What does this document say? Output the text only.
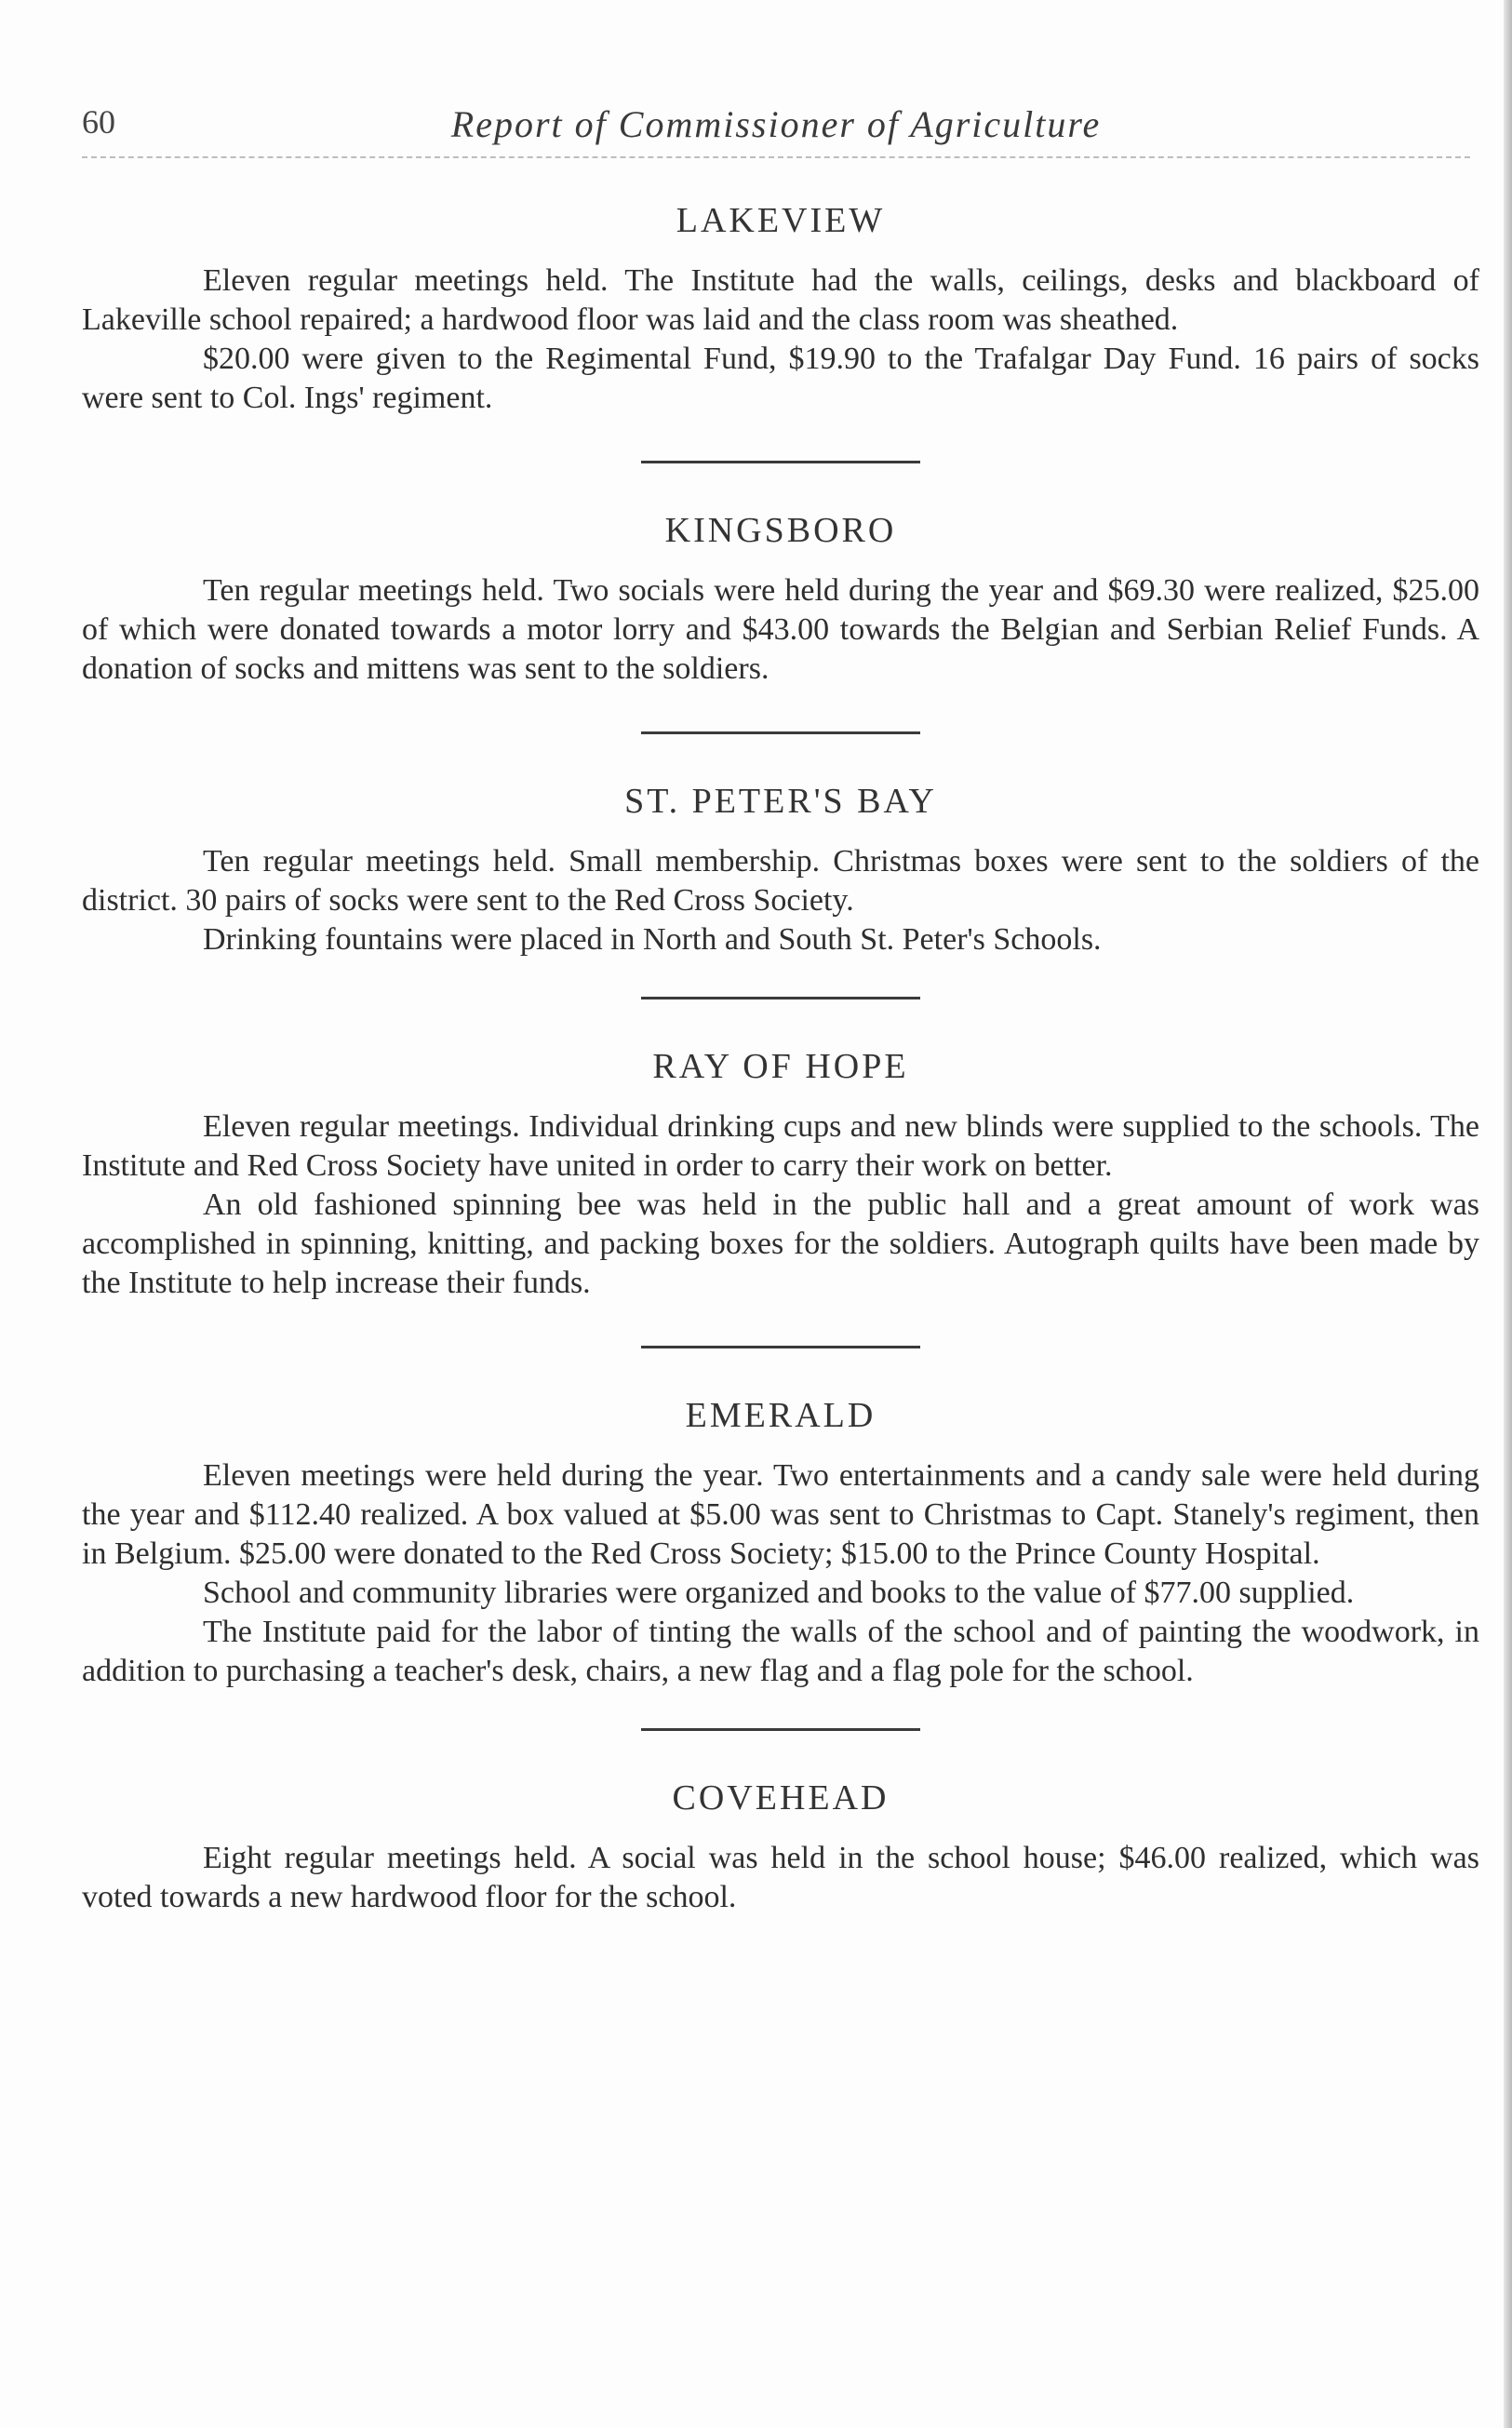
60	Report of Commissioner of Agriculture
LAKEVIEW

Eleven regular meetings held. The Institute had the walls, ceilings, desks and blackboard of Lakeville school repaired; a hardwood floor was laid and the class room was sheathed.

$20.00 were given to the Regimental Fund, $19.90 to the Trafalgar Day Fund. 16 pairs of socks were sent to Col. Ings' regiment.

KINGSBORO

Ten regular meetings held. Two socials were held during the year and $69.30 were realized, $25.00 of which were donated towards a motor lorry and $43.00 towards the Belgian and Serbian Relief Funds. A donation of socks and mittens was sent to the soldiers.

ST. PETER'S BAY

Ten regular meetings held. Small membership. Christmas boxes were sent to the soldiers of the district. 30 pairs of socks were sent to the Red Cross Society.

Drinking fountains were placed in North and South St. Peter's Schools.

RAY OF HOPE

Eleven regular meetings. Individual drinking cups and new blinds were supplied to the schools. The Institute and Red Cross Society have united in order to carry their work on better.

An old fashioned spinning bee was held in the public hall and a great amount of work was accomplished in spinning, knitting, and packing boxes for the soldiers. Autograph quilts have been made by the Institute to help increase their funds.

EMERALD

Eleven meetings were held during the year. Two entertainments and a candy sale were held during the year and $112.40 realized. A box valued at $5.00 was sent to Christmas to Capt. Stanely's regiment, then in Belgium. $25.00 were donated to the Red Cross Society; $15.00 to the Prince County Hospital.

School and community libraries were organized and books to the value of $77.00 supplied.

The Institute paid for the labor of tinting the walls of the school and of painting the woodwork, in addition to purchasing a teacher's desk, chairs, a new flag and a flag pole for the school.

COVEHEAD

Eight regular meetings held. A social was held in the school house; $46.00 realized, which was voted towards a new hardwood floor for the school.
